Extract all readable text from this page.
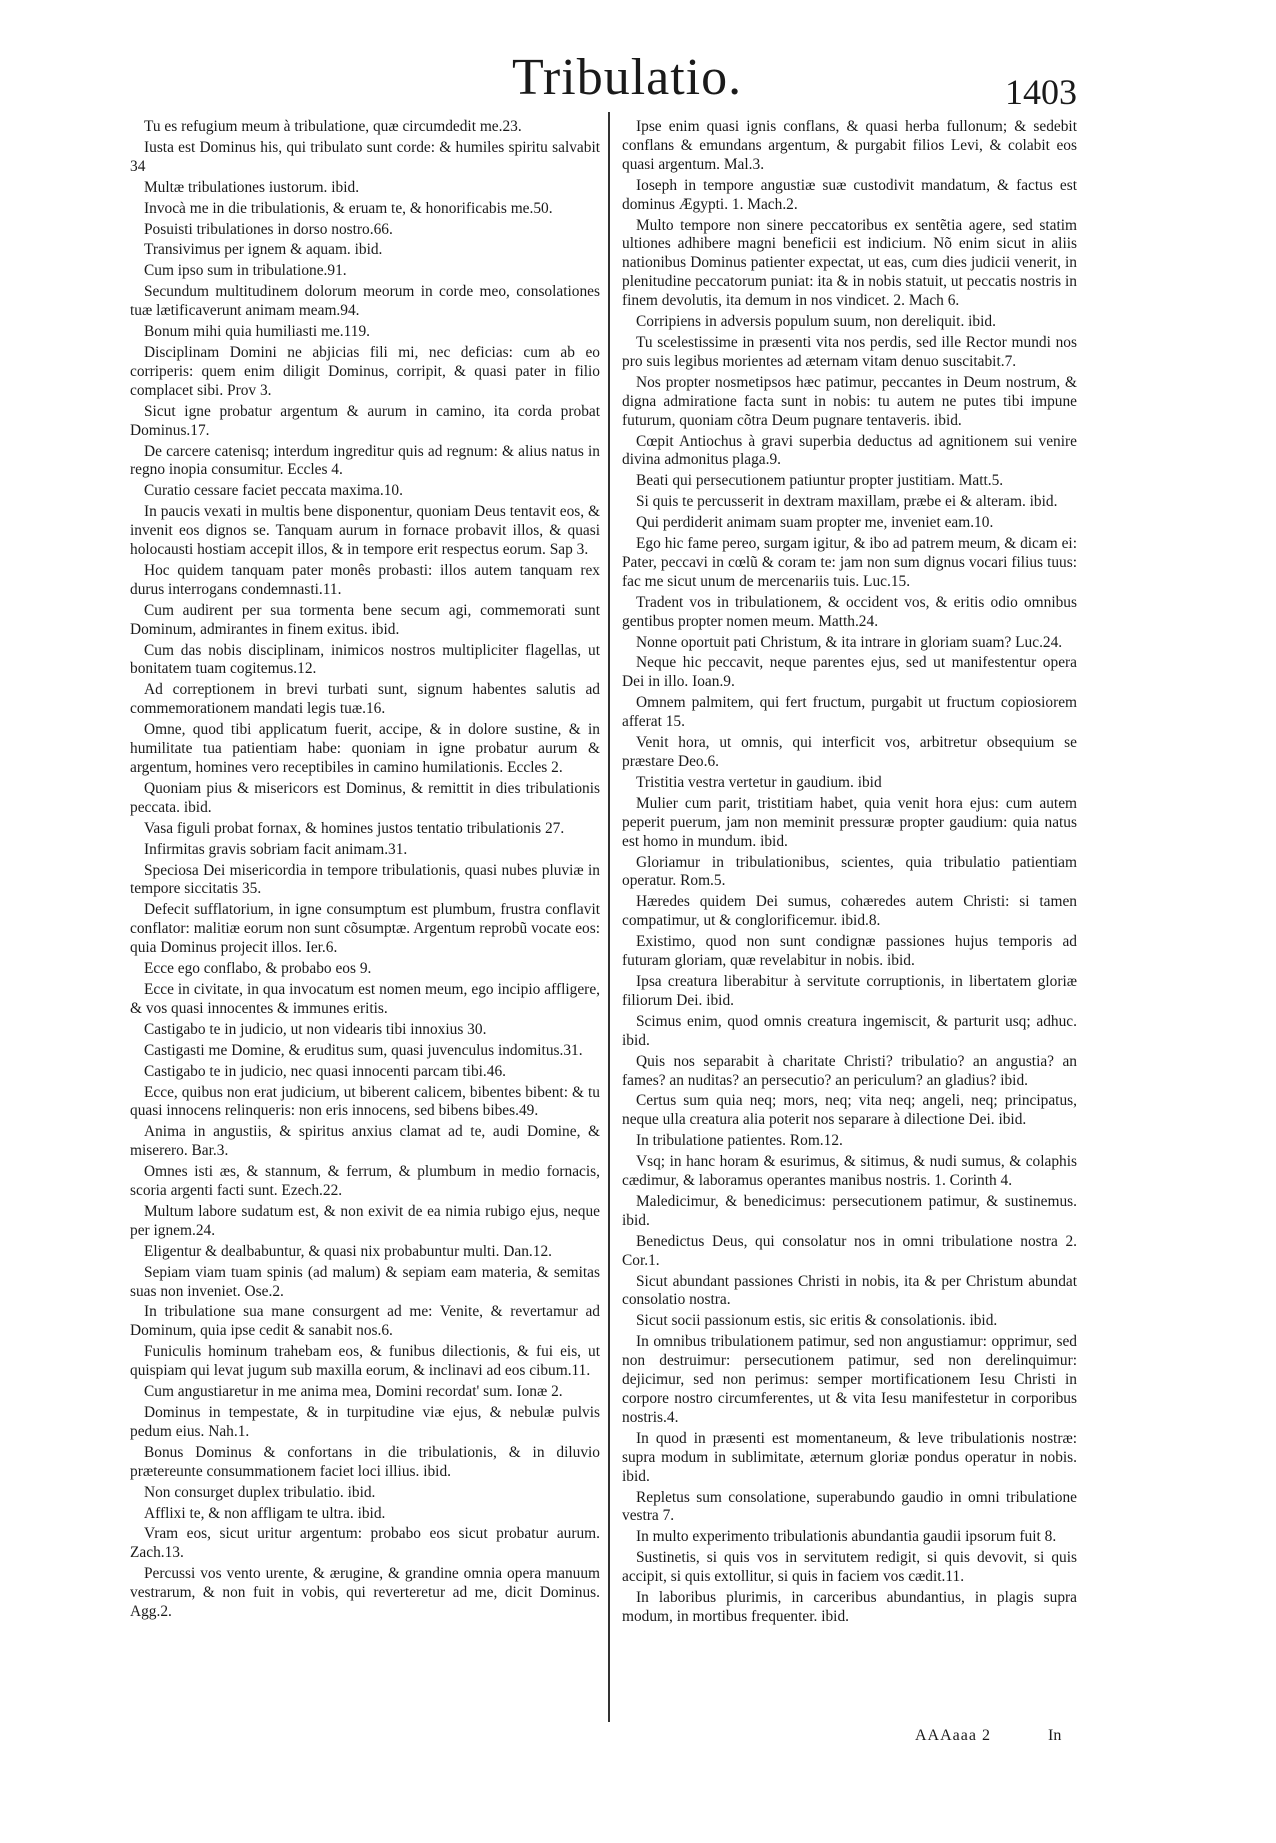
Tribulatio.	1403

Tu es refugium meum à tribulatione, quæ circumdedit me.23.

Iusta est Dominus his, qui tribulato sunt corde: & humiles spiritu salvabit 34

Multæ tribulationes iustorum. ibid.

Invocà me in die tribulationis, & eruam te, & honorificabis me.50.

Posuisti tribulationes in dorso nostro.66.

Transivimus per ignem & aquam. ibid.

Cum ipso sum in tribulatione.91.

Secundum multitudinem dolorum meorum in corde meo, consolationes tuæ lætificaverunt animam meam.94.

Bonum mihi quia humiliasti me.119.

Disciplinam Domini ne abjicias fili mi, nec deficias: cum ab eo corriperis: quem enim diligit Dominus, corripit, & quasi pater in filio complacet sibi. Prov 3.

Sicut igne probatur argentum & aurum in camino, ita corda probat Dominus.17.

De carcere catenisq; interdum ingreditur quis ad regnum: & alius natus in regno inopia consumitur. Eccles 4.

Curatio cessare faciet peccata maxima.10.

In paucis vexati in multis bene disponentur, quoniam Deus tentavit eos, & invenit eos dignos se. Tanquam aurum in fornace probavit illos, & quasi holocausti hostiam accepit illos, & in tempore erit respectus eorum. Sap 3.

Hoc quidem tanquam pater monês probasti: illos autem tanquam rex durus interrogans condemnasti.11.

Cum audirent per sua tormenta bene secum agi, commemorati sunt Dominum, admirantes in finem exitus. ibid.

Cum das nobis disciplinam, inimicos nostros multipliciter flagellas, ut bonitatem tuam cogitemus.12.

Ad correptionem in brevi turbati sunt, signum habentes salutis ad commemorationem mandati legis tuæ.16.

Omne, quod tibi applicatum fuerit, accipe, & in dolore sustine, & in humilitate tua patientiam habe: quoniam in igne probatur aurum & argentum, homines vero receptibiles in camino humilationis. Eccles 2.

Quoniam pius & misericors est Dominus, & remittit in dies tribulationis peccata. ibid.

Vasa figuli probat fornax, & homines justos tentatio tribulationis 27.

Infirmitas gravis sobriam facit animam.31.

Speciosa Dei misericordia in tempore tribulationis, quasi nubes pluviæ in tempore siccitatis 35.

Defecit sufflatorium, in igne consumptum est plumbum, frustra conflavit conflator: malitiæ eorum non sunt cõsumptæ. Argentum reprobũ vocate eos: quia Dominus projecit illos. Ier.6.

Ecce ego conflabo, & probabo eos 9.

Ecce in civitate, in qua invocatum est nomen meum, ego incipio affligere, & vos quasi innocentes & immunes eritis.

Castigabo te in judicio, ut non videaris tibi innoxius 30.

Castigasti me Domine, & eruditus sum, quasi juvenculus indomitus.31.

Castigabo te in judicio, nec quasi innocenti parcam tibi.46.

Ecce, quibus non erat judicium, ut biberent calicem, bibentes bibent: & tu quasi innocens relinqueris: non eris innocens, sed bibens bibes.49.

Anima in angustiis, & spiritus anxius clamat ad te, audi Domine, & miserero. Bar.3.

Omnes isti æs, & stannum, & ferrum, & plumbum in medio fornacis, scoria argenti facti sunt. Ezech.22.

Multum labore sudatum est, & non exivit de ea nimia rubigo ejus, neque per ignem.24.

Eligentur & dealbabuntur, & quasi nix probabuntur multi. Dan.12.

Sepiam viam tuam spinis (ad malum) & sepiam eam materia, & semitas suas non inveniet. Ose.2.

In tribulatione sua mane consurgent ad me: Venite, & revertamur ad Dominum, quia ipse cedit & sanabit nos.6.

Funiculis hominum trahebam eos, & funibus dilectionis, & fui eis, ut quispiam qui levat jugum sub maxilla eorum, & inclinavi ad eos cibum.11.

Cum angustiaretur in me anima mea, Domini recordat' sum. Ionæ 2.

Dominus in tempestate, & in turpitudine viæ ejus, & nebulæ pulvis pedum eius. Nah.1.

Bonus Dominus & confortans in die tribulationis, & in diluvio prætereunte consummationem faciet loci illius. ibid.

Non consurget duplex tribulatio. ibid.

Afflixi te, & non affligam te ultra. ibid.

Vram eos, sicut uritur argentum: probabo eos sicut probatur aurum. Zach.13.

Percussi vos vento urente, & ærugine, & grandine omnia opera manuum vestrarum, & non fuit in vobis, qui reverteretur ad me, dicit Dominus. Agg.2.

Ipse enim quasi ignis conflans, & quasi herba fullonum; & sedebit conflans & emundans argentum, & purgabit filios Levi, & colabit eos quasi argentum. Mal.3.

Ioseph in tempore angustiæ suæ custodivit mandatum, & factus est dominus Ægypti. 1. Mach.2.

Multo tempore non sinere peccatoribus ex sentẽtia agere, sed statim ultiones adhibere magni beneficii est indicium. Nõ enim sicut in aliis nationibus Dominus patienter expectat, ut eas, cum dies judicii venerit, in plenitudine peccatorum puniat: ita & in nobis statuit, ut peccatis nostris in finem devolutis, ita demum in nos vindicet. 2. Mach 6.

Corripiens in adversis populum suum, non dereliquit. ibid.

Tu scelestissime in præsenti vita nos perdis, sed ille Rector mundi nos pro suis legibus morientes ad æternam vitam denuo suscitabit.7.

Nos propter nosmetipsos hæc patimur, peccantes in Deum nostrum, & digna admiratione facta sunt in nobis: tu autem ne putes tibi impune futurum, quoniam cõtra Deum pugnare tentaveris. ibid.

Cœpit Antiochus à gravi superbia deductus ad agnitionem sui venire divina admonitus plaga.9.

Beati qui persecutionem patiuntur propter justitiam. Matt.5.

Si quis te percusserit in dextram maxillam, præbe ei & alteram. ibid.

Qui perdiderit animam suam propter me, inveniet eam.10.

Ego hic fame pereo, surgam igitur, & ibo ad patrem meum, & dicam ei: Pater, peccavi in cœlũ & coram te: jam non sum dignus vocari filius tuus: fac me sicut unum de mercenariis tuis. Luc.15.

Tradent vos in tribulationem, & occident vos, & eritis odio omnibus gentibus propter nomen meum. Matth.24.

Nonne oportuit pati Christum, & ita intrare in gloriam suam? Luc.24.

Neque hic peccavit, neque parentes ejus, sed ut manifestentur opera Dei in illo. Ioan.9.

Omnem palmitem, qui fert fructum, purgabit ut fructum copiosiorem afferat 15.

Venit hora, ut omnis, qui interficit vos, arbitretur obsequium se præstare Deo.6.

Tristitia vestra vertetur in gaudium. ibid

Mulier cum parit, tristitiam habet, quia venit hora ejus: cum autem peperit puerum, jam non meminit pressuræ propter gaudium: quia natus est homo in mundum. ibid.

Gloriamur in tribulationibus, scientes, quia tribulatio patientiam operatur. Rom.5.

Hæredes quidem Dei sumus, cohæredes autem Christi: si tamen compatimur, ut & conglorificemur. ibid.8.

Existimo, quod non sunt condignæ passiones hujus temporis ad futuram gloriam, quæ revelabitur in nobis. ibid.

Ipsa creatura liberabitur à servitute corruptionis, in libertatem gloriæ filiorum Dei. ibid.

Scimus enim, quod omnis creatura ingemiscit, & parturit usq; adhuc. ibid.

Quis nos separabit à charitate Christi? tribulatio? an angustia? an fames? an nuditas? an persecutio? an periculum? an gladius? ibid.

Certus sum quia neq; mors, neq; vita neq; angeli, neq; principatus, neque ulla creatura alia poterit nos separare à dilectione Dei. ibid.

In tribulatione patientes. Rom.12.

Vsq; in hanc horam & esurimus, & sitimus, & nudi sumus, & colaphis cædimur, & laboramus operantes manibus nostris. 1. Corinth 4.

Maledicimur, & benedicimus: persecutionem patimur, & sustinemus. ibid.

Benedictus Deus, qui consolatur nos in omni tribulatione nostra 2. Cor.1.

Sicut abundant passiones Christi in nobis, ita & per Christum abundat consolatio nostra.

Sicut socii passionum estis, sic eritis & consolationis. ibid.

In omnibus tribulationem patimur, sed non angustiamur: opprimur, sed non destruimur: persecutionem patimur, sed non derelinquimur: dejicimur, sed non perimus: semper mortificationem Iesu Christi in corpore nostro circumferentes, ut & vita Iesu manifestetur in corporibus nostris.4.

In quod in præsenti est momentaneum, & leve tribulationis nostræ: supra modum in sublimitate, æternum gloriæ pondus operatur in nobis. ibid.

Repletus sum consolatione, superabundo gaudio in omni tribulatione vestra 7.

In multo experimento tribulationis abundantia gaudii ipsorum fuit 8.

Sustinetis, si quis vos in servitutem redigit, si quis devovit, si quis accipit, si quis extollitur, si quis in faciem vos cædit.11.

In laboribus plurimis, in carceribus abundantius, in plagis supra modum, in mortibus frequenter. ibid.

AAAaaa 2	In
